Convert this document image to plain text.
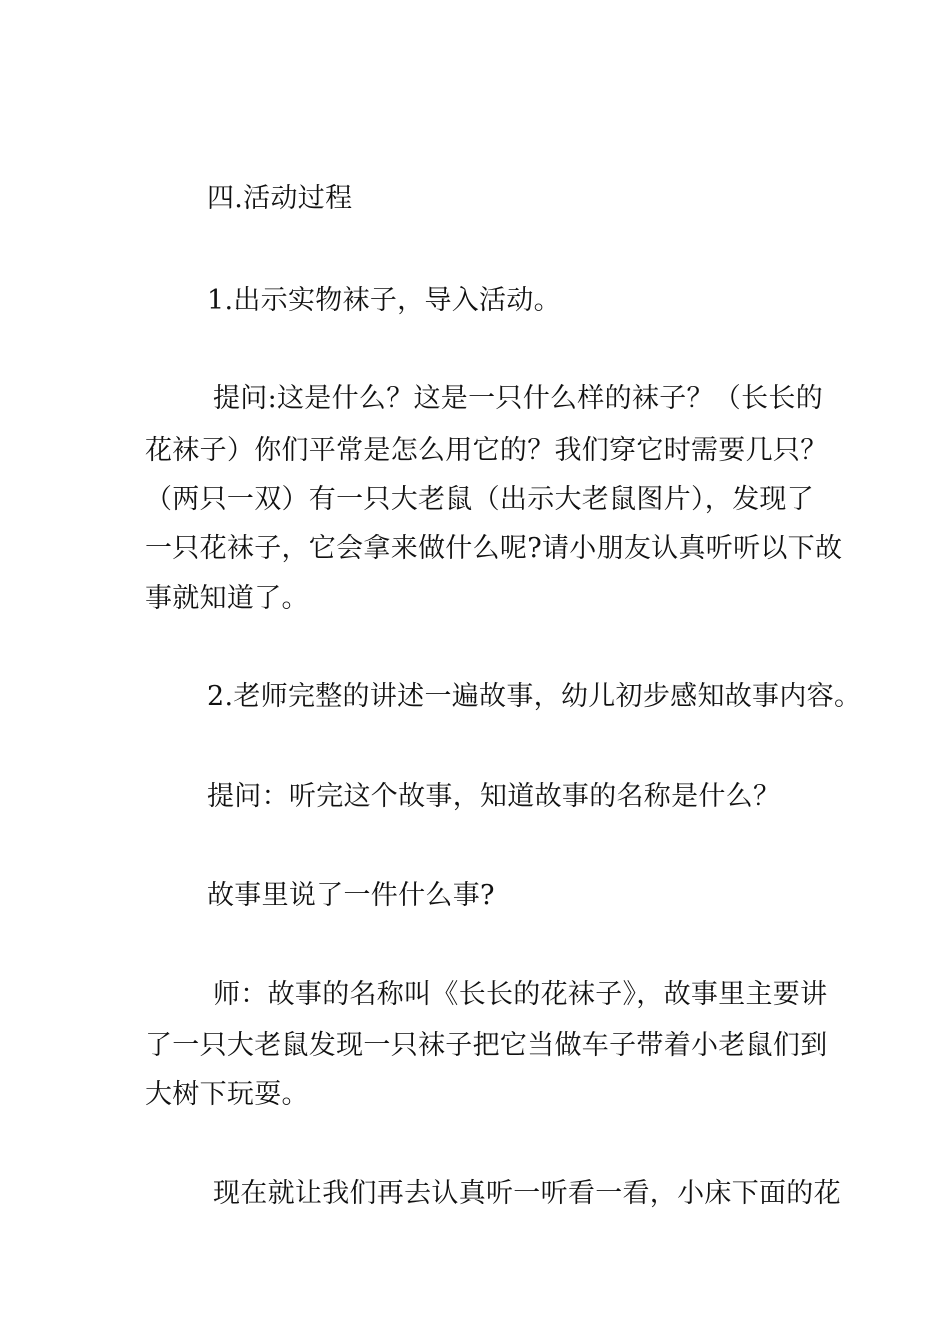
四.活动过程

1.出示实物袜子，导入活动。

提问:这是什么？这是一只什么样的袜子？（长长的

花袜子）你们平常是怎么用它的？我们穿它时需要几只？

（两只一双）有一只大老鼠（出示大老鼠图片），发现了

一只花袜子，它会拿来做什么呢?请小朋友认真听听以下故

事就知道了。

2.老师完整的讲述一遍故事，幼儿初步感知故事内容。

提问：听完这个故事，知道故事的名称是什么？

故事里说了一件什么事?

师：故事的名称叫《长长的花袜子》，故事里主要讲

了一只大老鼠发现一只袜子把它当做车子带着小老鼠们到

大树下玩耍。

现在就让我们再去认真听一听看一看，小床下面的花
